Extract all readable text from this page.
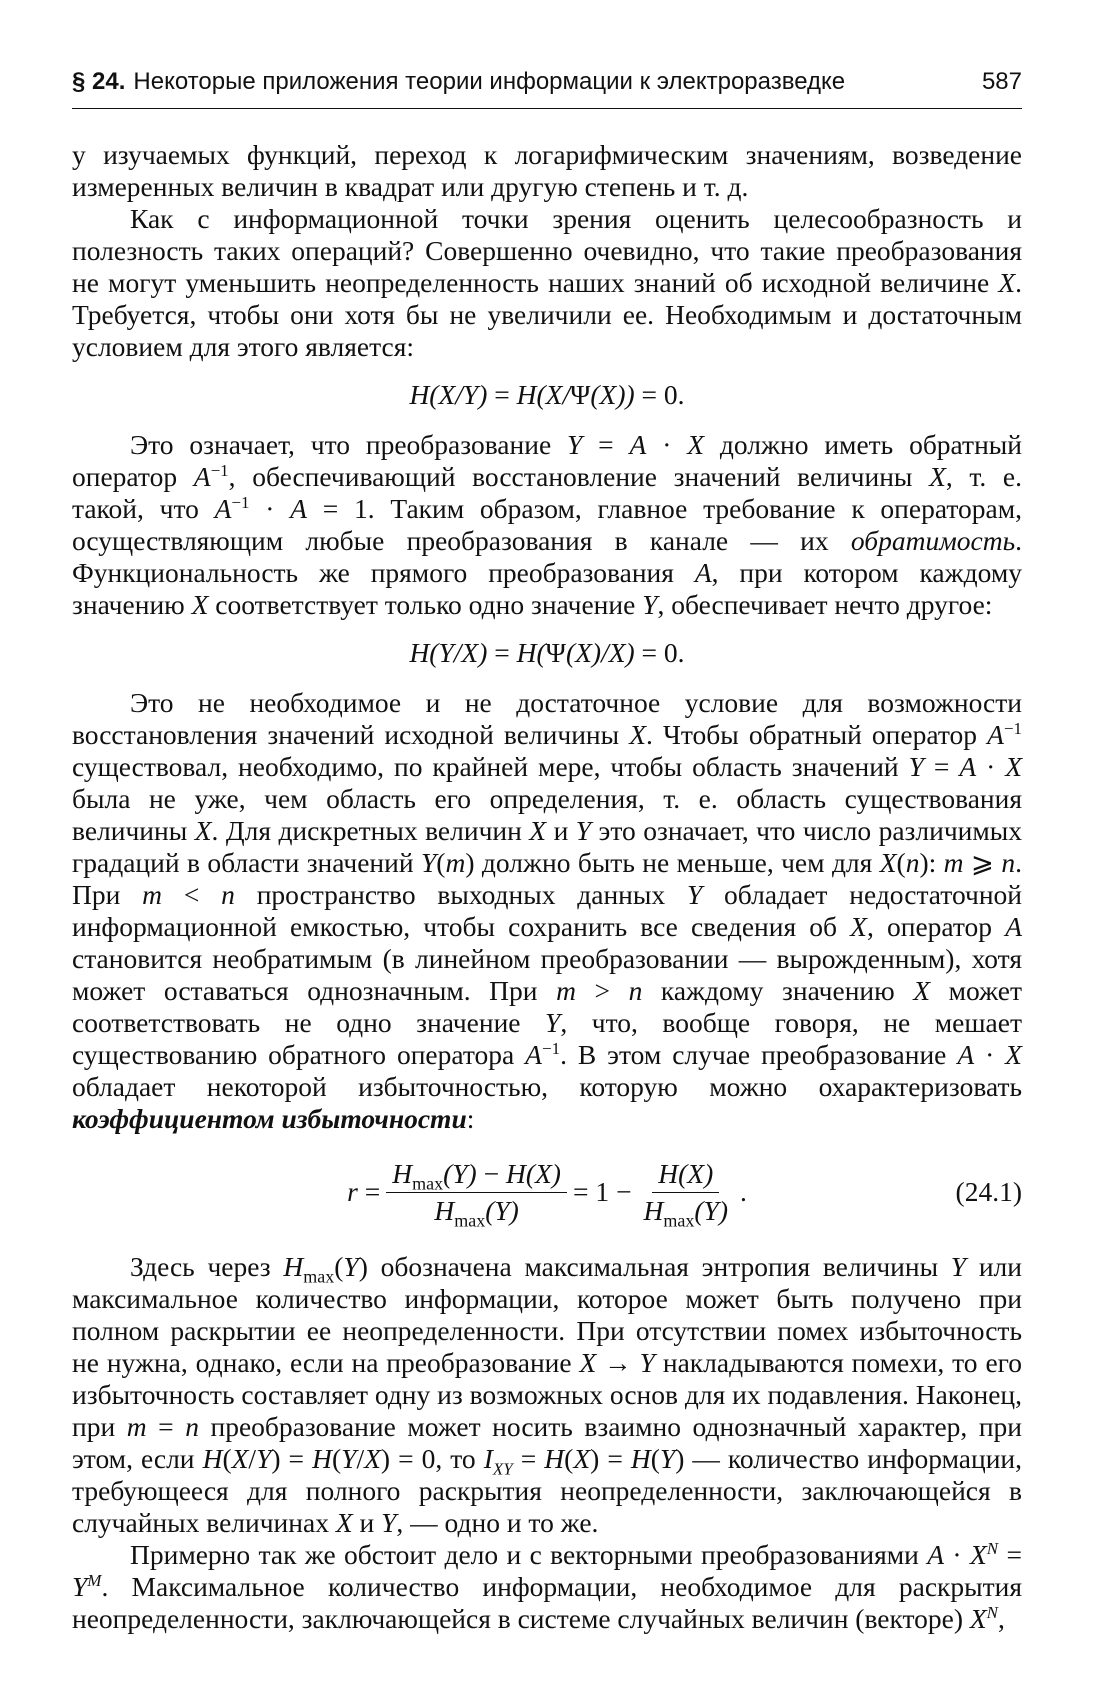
§ 24. Некоторые приложения теории информации к электроразведке	587

у изучаемых функций, переход к логарифмическим значениям, возведение измеренных величин в квадрат или другую степень и т. д.

Как с информационной точки зрения оценить целесообразность и полезность таких операций? Совершенно очевидно, что такие преобразования не могут уменьшить неопределенность наших знаний об исходной величине X. Требуется, чтобы они хотя бы не увеличили ее. Необходимым и достаточным условием для этого является:

H(X/Y) = H(X/Ψ(X)) = 0.

Это означает, что преобразование Y = A · X должно иметь обратный оператор $A^{-1}$, обеспечивающий восстановление значений величины X, т. е. такой, что $A^{-1} \cdot A = 1$. Таким образом, главное требование к операторам, осуществляющим любые преобразования в канале — их обратимость. Функциональность же прямого преобразования A, при котором каждому значению X соответствует только одно значение Y, обеспечивает нечто другое:

H(Y/X) = H(Ψ(X)/X) = 0.

Это не необходимое и не достаточное условие для возможности восстановления значений исходной величины X. Чтобы обратный оператор $A^{-1}$ существовал, необходимо, по крайней мере, чтобы область значений Y = A · X была не уже, чем область его определения, т. е. область существования величины X. Для дискретных величин X и Y это означает, что число различимых градаций в области значений Y(m) должно быть не меньше, чем для X(n): m ⩾ n. При m < n пространство выходных данных Y обладает недостаточной информационной емкостью, чтобы сохранить все сведения об X, оператор A становится необратимым (в линейном преобразовании — вырожденным), хотя может оставаться однозначным. При m > n каждому значению X может соответствовать не одно значение Y, что, вообще говоря, не мешает существованию обратного оператора $A^{-1}$. В этом случае преобразование A · X обладает некоторой избыточностью, которую можно охарактеризовать коэффициентом избыточности:

$r = \frac{H_{max}(Y) - H(X)}{H_{max}(Y)} = 1 - \frac{H(X)}{H_{max}(Y)}$ .	(24.1)

Здесь через $H_{max}(Y)$ обозначена максимальная энтропия величины Y или максимальное количество информации, которое может быть получено при полном раскрытии ее неопределенности. При отсутствии помех избыточность не нужна, однако, если на преобразование X → Y накладываются помехи, то его избыточность составляет одну из возможных основ для их подавления. Наконец, при m = n преобразование может носить взаимно однозначный характер, при этом, если H(X/Y) = H(Y/X) = 0, то $I_{XY} = H(X) = H(Y)$ — количество информации, требующееся для полного раскрытия неопределенности, заключающейся в случайных величинах X и Y, — одно и то же.

Примерно так же обстоит дело и с векторными преобразованиями $A \cdot X^N = Y^M$. Максимальное количество информации, необходимое для раскрытия неопределенности, заключающейся в системе случайных величин (векторе) $X^N$,
